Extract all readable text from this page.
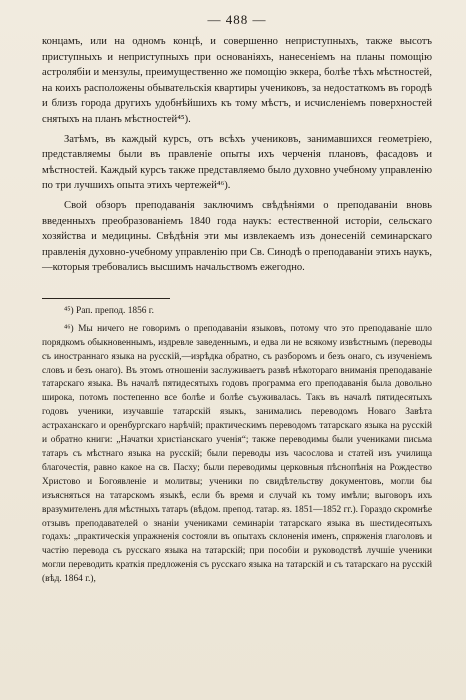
— 488 —

концамъ, или на одномъ концѣ, и совершенно неприступныхъ, также высотъ приступныхъ и неприступныхъ при основаніяхъ, нанесеніемъ на планы помощію астролябіи и мензулы, преимущественно же помощію эккера, болѣе тѣхъ мѣстностей, на коихъ расположены обывательскія квартиры учениковъ, за недостаткомъ въ городѣ и близъ города другихъ удобнѣйшихъ къ тому мѣстъ, и исчисленіемъ поверхностей снятыхъ на планъ мѣстностей⁴⁵).

Затѣмъ, въ каждый курсъ, отъ всѣхъ учениковъ, занимавшихся геометріею, представляемы были въ правленіе опыты ихъ черченія плановъ, фасадовъ и мѣстностей. Каждый курсъ также представляемо было духовно учебному управленію по три лучшихъ опыта этихъ чертежей⁴⁶).

Свой обзоръ преподаванія заключимъ свѣдѣніями о преподаваніи вновь введенныхъ преобразованіемъ 1840 года наукъ: естественной исторіи, сельскаго хозяйства и медицины. Свѣдѣнія эти мы извлекаемъ изъ донесеній семинарскаго правленія духовно-учебному управленію при Св. Синодѣ о преподаваніи этихъ наукъ,—которыя требовались высшимъ начальствомъ ежегодно.

⁴⁵) Рап. препод. 1856 г.

⁴⁶) Мы ничего не говоримъ о преподаваніи языковъ, потому что это преподаваніе шло порядкомъ обыкновеннымъ, издревле заведеннымъ, и едва ли не всякому извѣстнымъ (переводы съ иностраннаго языка на русскій,—изрѣдка обратно, съ разборомъ и безъ онаго, съ изученіемъ словъ и безъ онаго). Въ этомъ отношеніи заслуживаетъ развѣ нѣкотораго вниманія преподаваніе татарскаго языка. Въ началѣ пятидесятыхъ годовъ программа его преподаванія была довольно широка, потомъ постепенно все болѣе и болѣе съуживалась. Такъ въ началѣ пятидесятыхъ годовъ ученики, изучавшіе татарскій языкъ, занимались переводомъ Новаго Завѣта астраханскаго и оренбургскаго нарѣчій; практическимъ переводомъ татарскаго языка на русскій и обратно книги: „Начатки христіанскаго ученія“; также переводимы были учениками письма татаръ съ мѣстнаго языка на русскій; были переводы изъ часослова и статей изъ училища благочестія, равно какое на св. Пасху; были переводимы церковныя пѣснопѣнія на Рождество Христово и Богоявленіе и молитвы; ученики по свидѣтельству документовъ, могли бы изъясняться на татарскомъ языкѣ, если бъ время и случай къ тому имѣли; выговоръ ихъ вразумителенъ для мѣстныхъ татаръ (вѣдом. препод. татар. яз. 1851—1852 гг.). Гораздо скромнѣе отзывъ преподавателей о знаніи учениками семинаріи татарскаго языка въ шестидесятыхъ годахъ: „практическія упражненія состояли въ опытахъ склоненія именъ, спряженія глаголовъ и частію перевода съ русскаго языка на татарскій; при пособіи и руководствѣ лучшіе ученики могли переводить краткія предложенія съ русскаго языка на татарскій и съ татарскаго на русскій (вѣд. 1864 г.),
